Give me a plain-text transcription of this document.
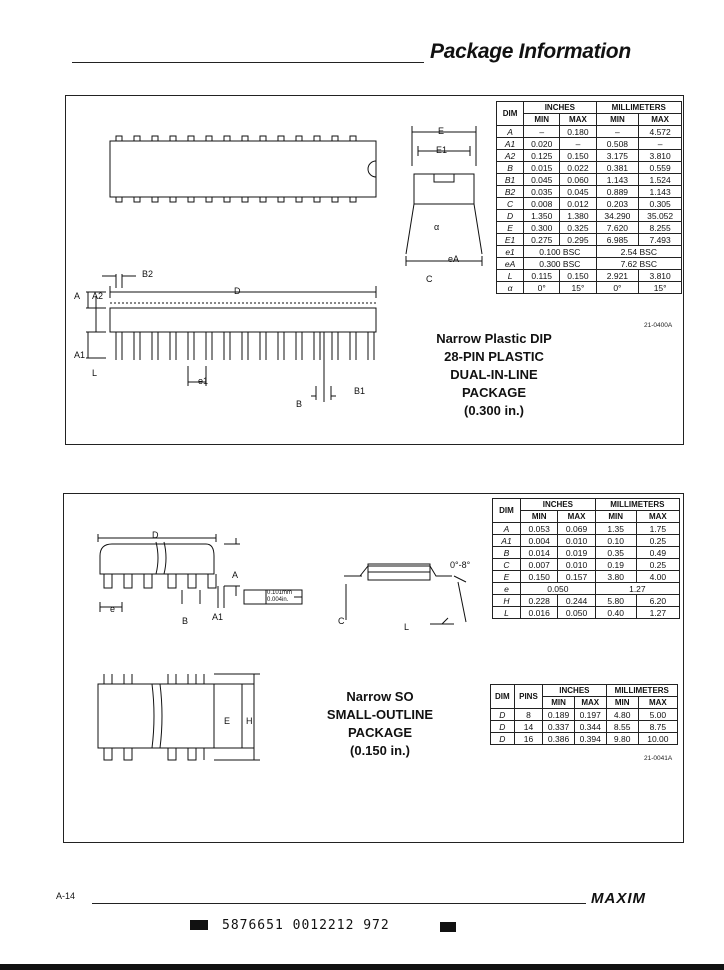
Package Information
E
E1
α
eA
C
B2
D
A A2
A1
L
e1
B
B1
DIM	INCHES		MILLIMETERS	
	MIN	MAX	MIN	MAX
A	–	0.180	–	4.572
A1	0.020	–	0.508	–
A2	0.125	0.150	3.175	3.810
B	0.015	0.022	0.381	0.559
B1	0.045	0.060	1.143	1.524
B2	0.035	0.045	0.889	1.143
C	0.008	0.012	0.203	0.305
D	1.350	1.380	34.290	35.052
E	0.300	0.325	7.620	8.255
E1	0.275	0.295	6.985	7.493
e1	0.100 BSC		2.54 BSC	
eA	0.300 BSC		7.62 BSC	
L	0.115	0.150	2.921	3.810
α	0°	15°	0°	15°
21-0400A
Narrow Plastic DIP
28-PIN PLASTIC
DUAL-IN-LINE
PACKAGE
(0.300 in.)
D
A
e
B	A1
0.101mm
0.004in.
0°-8°
C
L
E H
DIM	INCHES		MILLIMETERS	
	MIN	MAX	MIN	MAX
A	0.053	0.069	1.35	1.75
A1	0.004	0.010	0.10	0.25
B	0.014	0.019	0.35	0.49
C	0.007	0.010	0.19	0.25
E	0.150	0.157	3.80	4.00
e	0.050		1.27	
H	0.228	0.244	5.80	6.20
L	0.016	0.050	0.40	1.27
DIM	PINS	INCHES		MILLIMETERS	
		MIN	MAX	MIN	MAX
D	8	0.189	0.197	4.80	5.00
D	14	0.337	0.344	8.55	8.75
D	16	0.386	0.394	9.80	10.00
21-0041A
Narrow SO
SMALL-OUTLINE
PACKAGE
(0.150 in.)
A-14	MAXIM
5876651 0012212 972
